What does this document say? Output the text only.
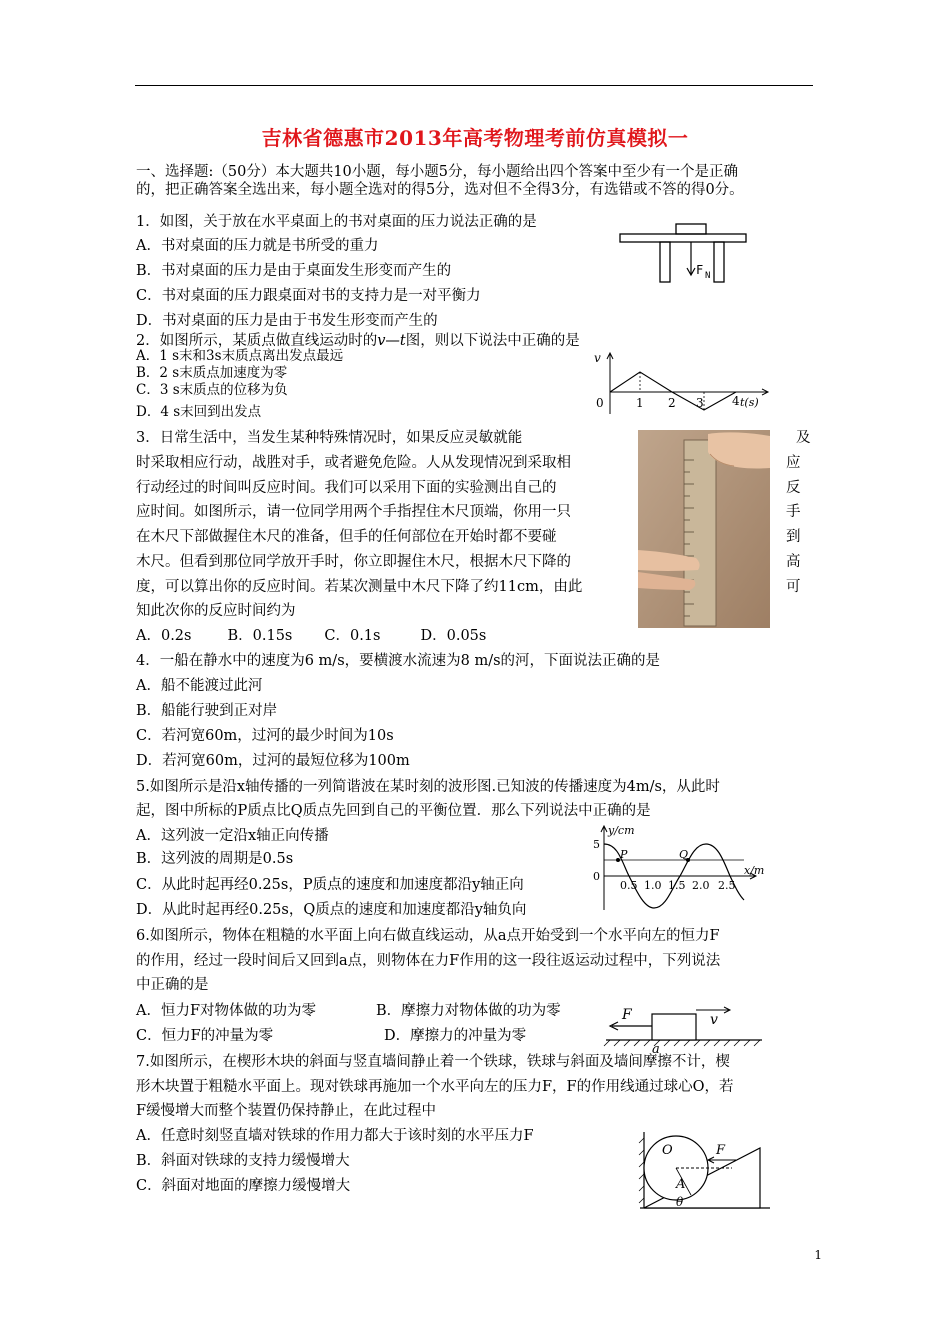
吉林省德惠市2013年高考物理考前仿真模拟一
一、选择题:（50分）本大题共10小题，每小题5分，每小题给出四个答案中至少有一个是正确
的，把正确答案全选出来，每小题全选对的得5分，选对但不全得3分，有选错或不答的得0分。
1．如图，关于放在水平桌面上的书对桌面的压力说法正确的是
A．书对桌面的压力就是书所受的重力
B．书对桌面的压力是由于桌面发生形变而产生的
C．书对桌面的压力跟桌面对书的支持力是一对平衡力
D．书对桌面的压力是由于书发生形变而产生的
F N
2．如图所示，某质点做直线运动时的v—t图，则以下说法中正确的是
A．1 s末和3s末质点离出发点最远
B．2 s末质点加速度为零
C．3 s末质点的位移为负
D．4 s末回到出发点
v
0	1 2 3 4 t(s)
3．日常生活中，当发生某种特殊情况时，如果反应灵敏就能
时采取相应行动，战胜对手，或者避免危险。人从发现情况到采取相
行动经过的时间叫反应时间。我们可以采用下面的实验测出自己的
应时间。如图所示，请一位同学用两个手指捏住木尺顶端，你用一只
在木尺下部做握住木尺的准备，但手的任何部位在开始时都不要碰
木尺。但看到那位同学放开手时，你立即握住木尺，根据木尺下降的
度，可以算出你的反应时间。若某次测量中木尺下降了约11cm，由此
知此次你的反应时间约为
及
应
反
手
到
高
可
A．0.2s B．0.15s C．0.1s	D．0.05s
4．一船在静水中的速度为6 m/s，要横渡水流速为8 m/s的河，下面说法正确的是
A．船不能渡过此河
B．船能行驶到正对岸
C．若河宽60m，过河的最少时间为10s
D．若河宽60m，过河的最短位移为100m
5.如图所示是沿x轴传播的一列简谐波在某时刻的波形图.已知波的传播速度为4m/s，从此时
起，图中所标的P质点比Q质点先回到自己的平衡位置．那么下列说法中正确的是
A．这列波一定沿x轴正向传播
B．这列波的周期是0.5s
C．从此时起再经0.25s，P质点的速度和加速度都沿y轴正向
D．从此时起再经0.25s，Q质点的速度和加速度都沿y轴负向
y/cm
5
0
P	Q
0.5 1.0 1.5 2.0 2.5
x/m
6.如图所示，物体在粗糙的水平面上向右做直线运动，从a点开始受到一个水平向左的恒力F
的作用，经过一段时间后又回到a点，则物体在力F作用的这一段往返运动过程中，下列说法
中正确的是
A．恒力F对物体做的功为零	B．摩擦力对物体做的功为零
C．恒力F的冲量为零	D．摩擦力的冲量为零
F	v
a
7.如图所示，在楔形木块的斜面与竖直墙间静止着一个铁球，铁球与斜面及墙间摩擦不计，楔
形木块置于粗糙水平面上。现对铁球再施加一个水平向左的压力F，F的作用线通过球心O，若
F缓慢增大而整个装置仍保持静止，在此过程中
A．任意时刻竖直墙对铁球的作用力都大于该时刻的水平压力F
B．斜面对铁球的支持力缓慢增大
C．斜面对地面的摩擦力缓慢增大
O	F
A
θ
1
